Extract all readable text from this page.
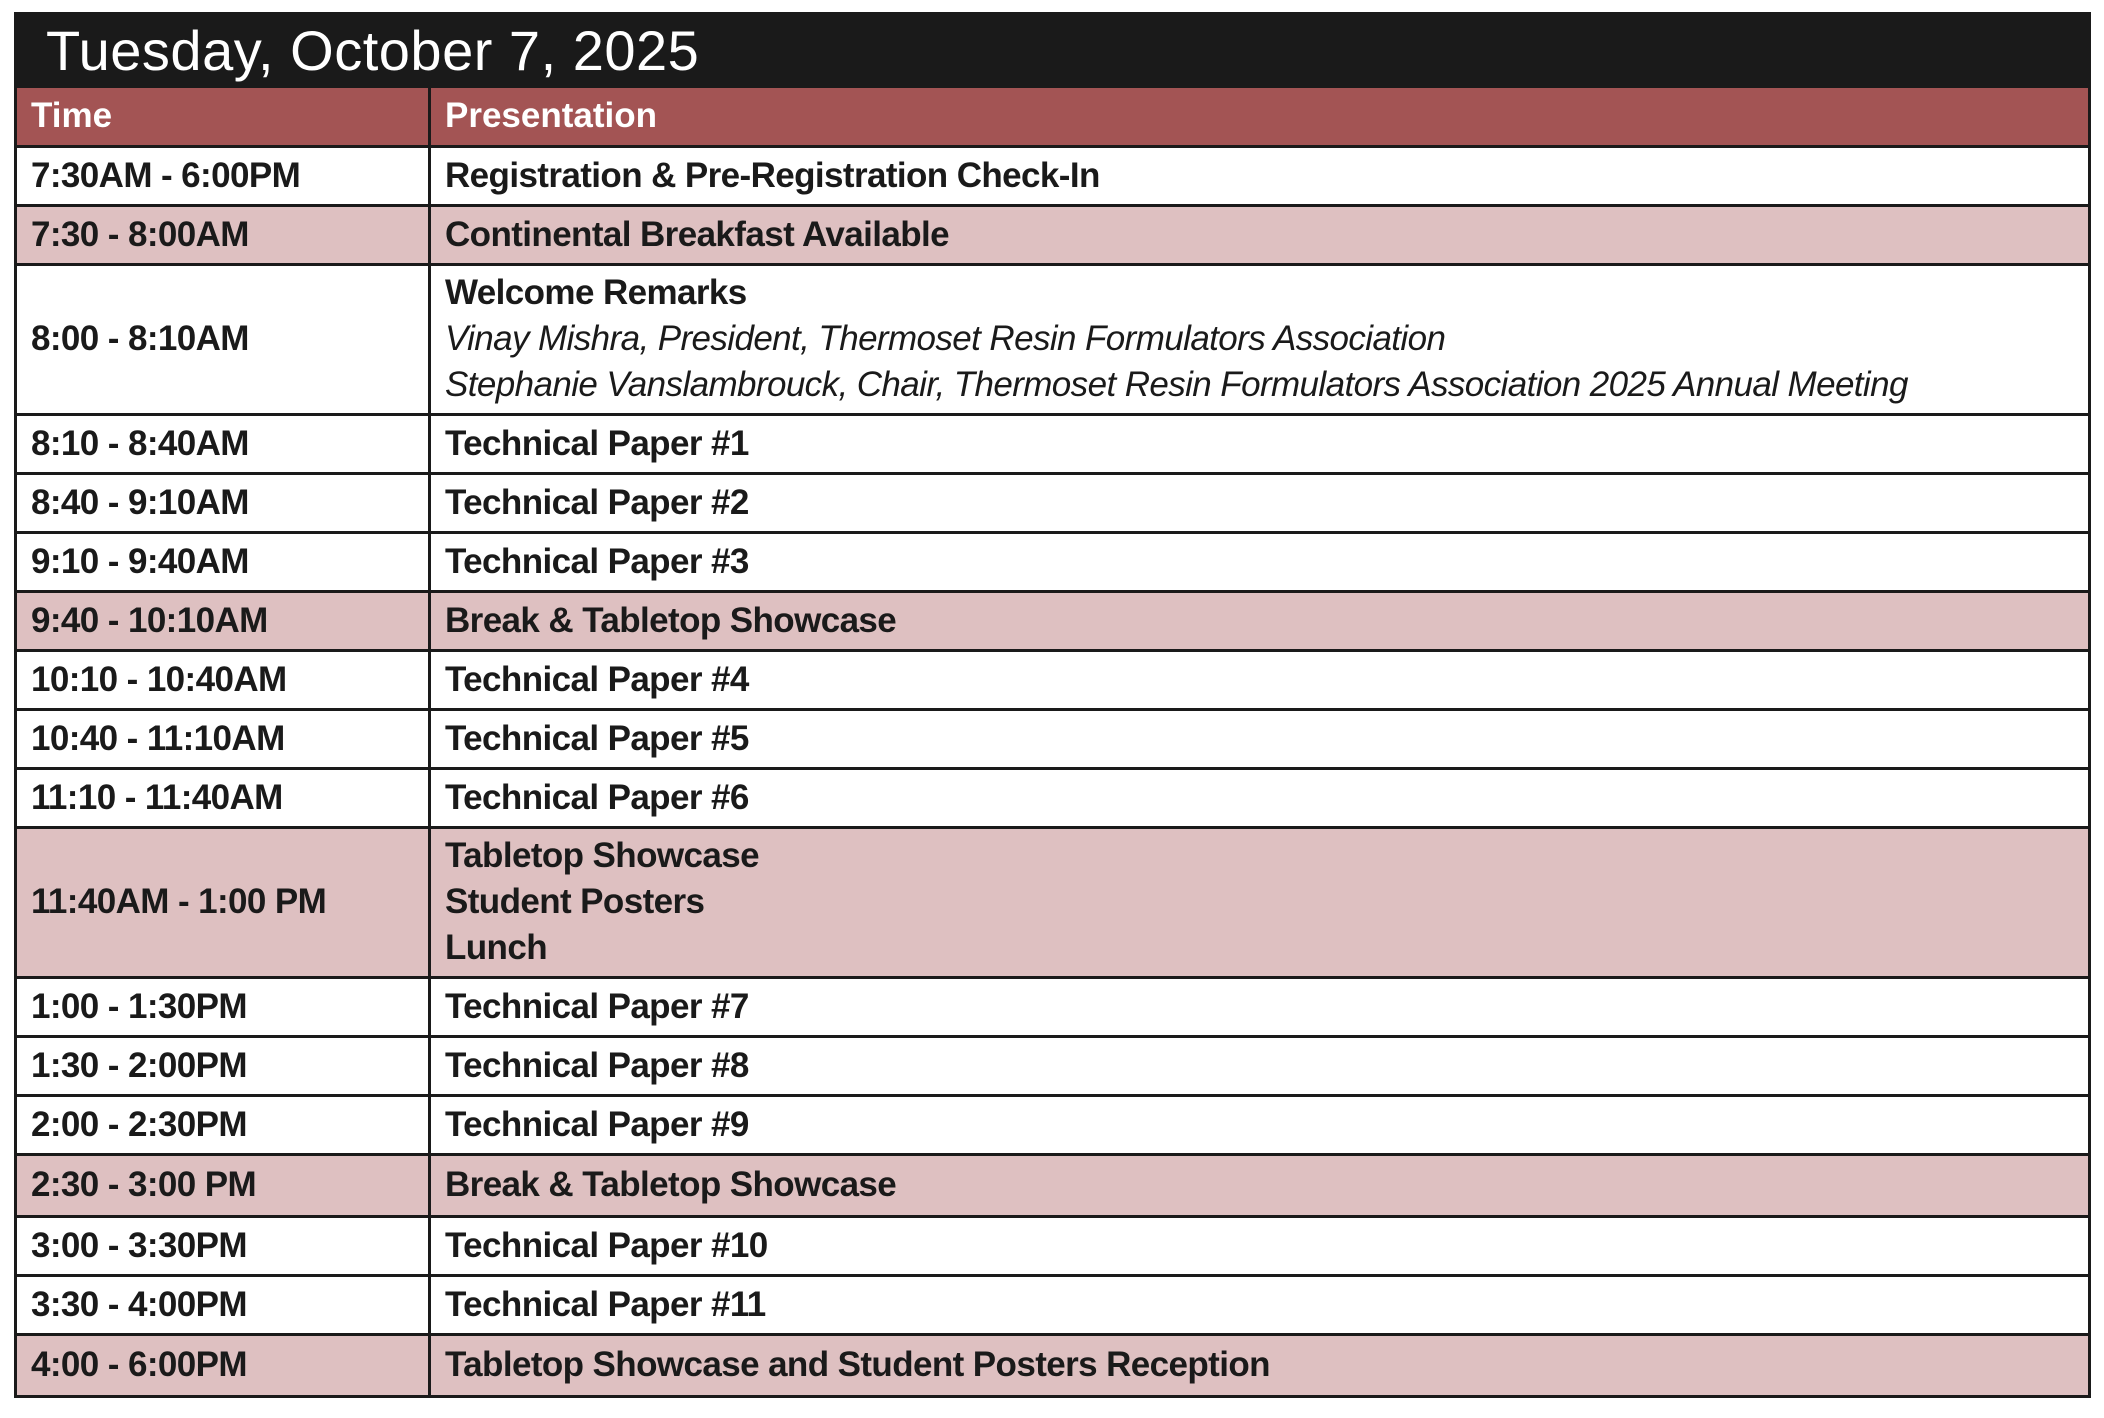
Tuesday, October 7, 2025
Time	Presentation
7:30AM - 6:00PM	Registration & Pre-Registration Check-In

7:30 - 8:00AM	Continental Breakfast Available

8:00 - 8:10AM	Welcome Remarks
Vinay Mishra, President, Thermoset Resin Formulators Association
Stephanie Vanslambrouck, Chair, Thermoset Resin Formulators Association 2025 Annual Meeting

8:10 - 8:40AM	Technical Paper #1

8:40 - 9:10AM	Technical Paper #2

9:10 - 9:40AM	Technical Paper #3

9:40 - 10:10AM	Break & Tabletop Showcase

10:10 - 10:40AM	Technical Paper #4

10:40 - 11:10AM	Technical Paper #5

11:10 - 11:40AM	Technical Paper #6

11:40AM - 1:00 PM	Tabletop Showcase
Student Posters
Lunch

1:00 - 1:30PM	Technical Paper #7

1:30 - 2:00PM	Technical Paper #8

2:00 - 2:30PM	Technical Paper #9

2:30 - 3:00 PM	Break & Tabletop Showcase

3:00 - 3:30PM	Technical Paper #10

3:30 - 4:00PM	Technical Paper #11

4:00 - 6:00PM	Tabletop Showcase and Student Posters Reception
